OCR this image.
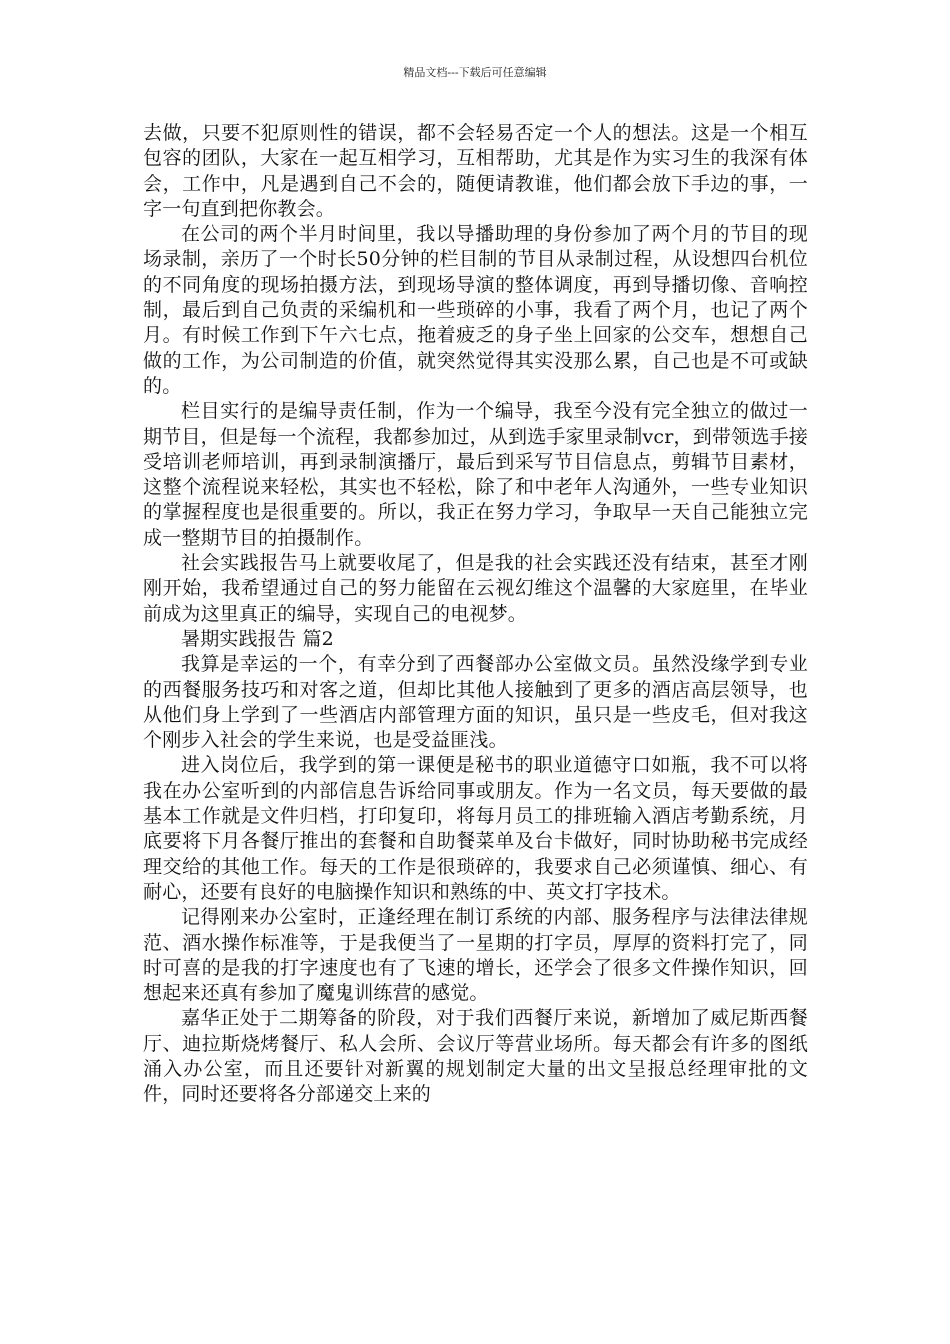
精品文档---下载后可任意编辑

去做，只要不犯原则性的错误，都不会轻易否定一个人的想法。这是一个相互包容的团队，大家在一起互相学习，互相帮助，尤其是作为实习生的我深有体会，工作中，凡是遇到自己不会的，随便请教谁，他们都会放下手边的事，一字一句直到把你教会。

在公司的两个半月时间里，我以导播助理的身份参加了两个月的节目的现场录制，亲历了一个时长50分钟的栏目制的节目从录制过程，从设想四台机位的不同角度的现场拍摄方法，到现场导演的整体调度，再到导播切像、音响控制，最后到自己负责的采编机和一些琐碎的小事，我看了两个月，也记了两个月。有时候工作到下午六七点，拖着疲乏的身子坐上回家的公交车，想想自己做的工作，为公司制造的价值，就突然觉得其实没那么累，自己也是不可或缺的。

栏目实行的是编导责任制，作为一个编导，我至今没有完全独立的做过一期节目，但是每一个流程，我都参加过，从到选手家里录制vcr，到带领选手接受培训老师培训，再到录制演播厅，最后到采写节目信息点，剪辑节目素材，这整个流程说来轻松，其实也不轻松，除了和中老年人沟通外，一些专业知识的掌握程度也是很重要的。所以，我正在努力学习，争取早一天自己能独立完成一整期节目的拍摄制作。

社会实践报告马上就要收尾了，但是我的社会实践还没有结束，甚至才刚刚开始，我希望通过自己的努力能留在云视幻维这个温馨的大家庭里，在毕业前成为这里真正的编导，实现自己的电视梦。

暑期实践报告 篇2

我算是幸运的一个，有幸分到了西餐部办公室做文员。虽然没缘学到专业的西餐服务技巧和对客之道，但却比其他人接触到了更多的酒店高层领导，也从他们身上学到了一些酒店内部管理方面的知识，虽只是一些皮毛，但对我这个刚步入社会的学生来说，也是受益匪浅。

进入岗位后，我学到的第一课便是秘书的职业道德守口如瓶，我不可以将我在办公室听到的内部信息告诉给同事或朋友。作为一名文员，每天要做的最基本工作就是文件归档，打印复印，将每月员工的排班输入酒店考勤系统，月底要将下月各餐厅推出的套餐和自助餐菜单及台卡做好，同时协助秘书完成经理交给的其他工作。每天的工作是很琐碎的，我要求自己必须谨慎、细心、有耐心，还要有良好的电脑操作知识和熟练的中、英文打字技术。

记得刚来办公室时，正逢经理在制订系统的内部、服务程序与法律法律规范、酒水操作标准等，于是我便当了一星期的打字员，厚厚的资料打完了，同时可喜的是我的打字速度也有了飞速的增长，还学会了很多文件操作知识，回想起来还真有参加了魔鬼训练营的感觉。

嘉华正处于二期筹备的阶段，对于我们西餐厅来说，新增加了威尼斯西餐厅、迪拉斯烧烤餐厅、私人会所、会议厅等营业场所。每天都会有许多的图纸涌入办公室，而且还要针对新翼的规划制定大量的出文呈报总经理审批的文件，同时还要将各分部递交上来的
